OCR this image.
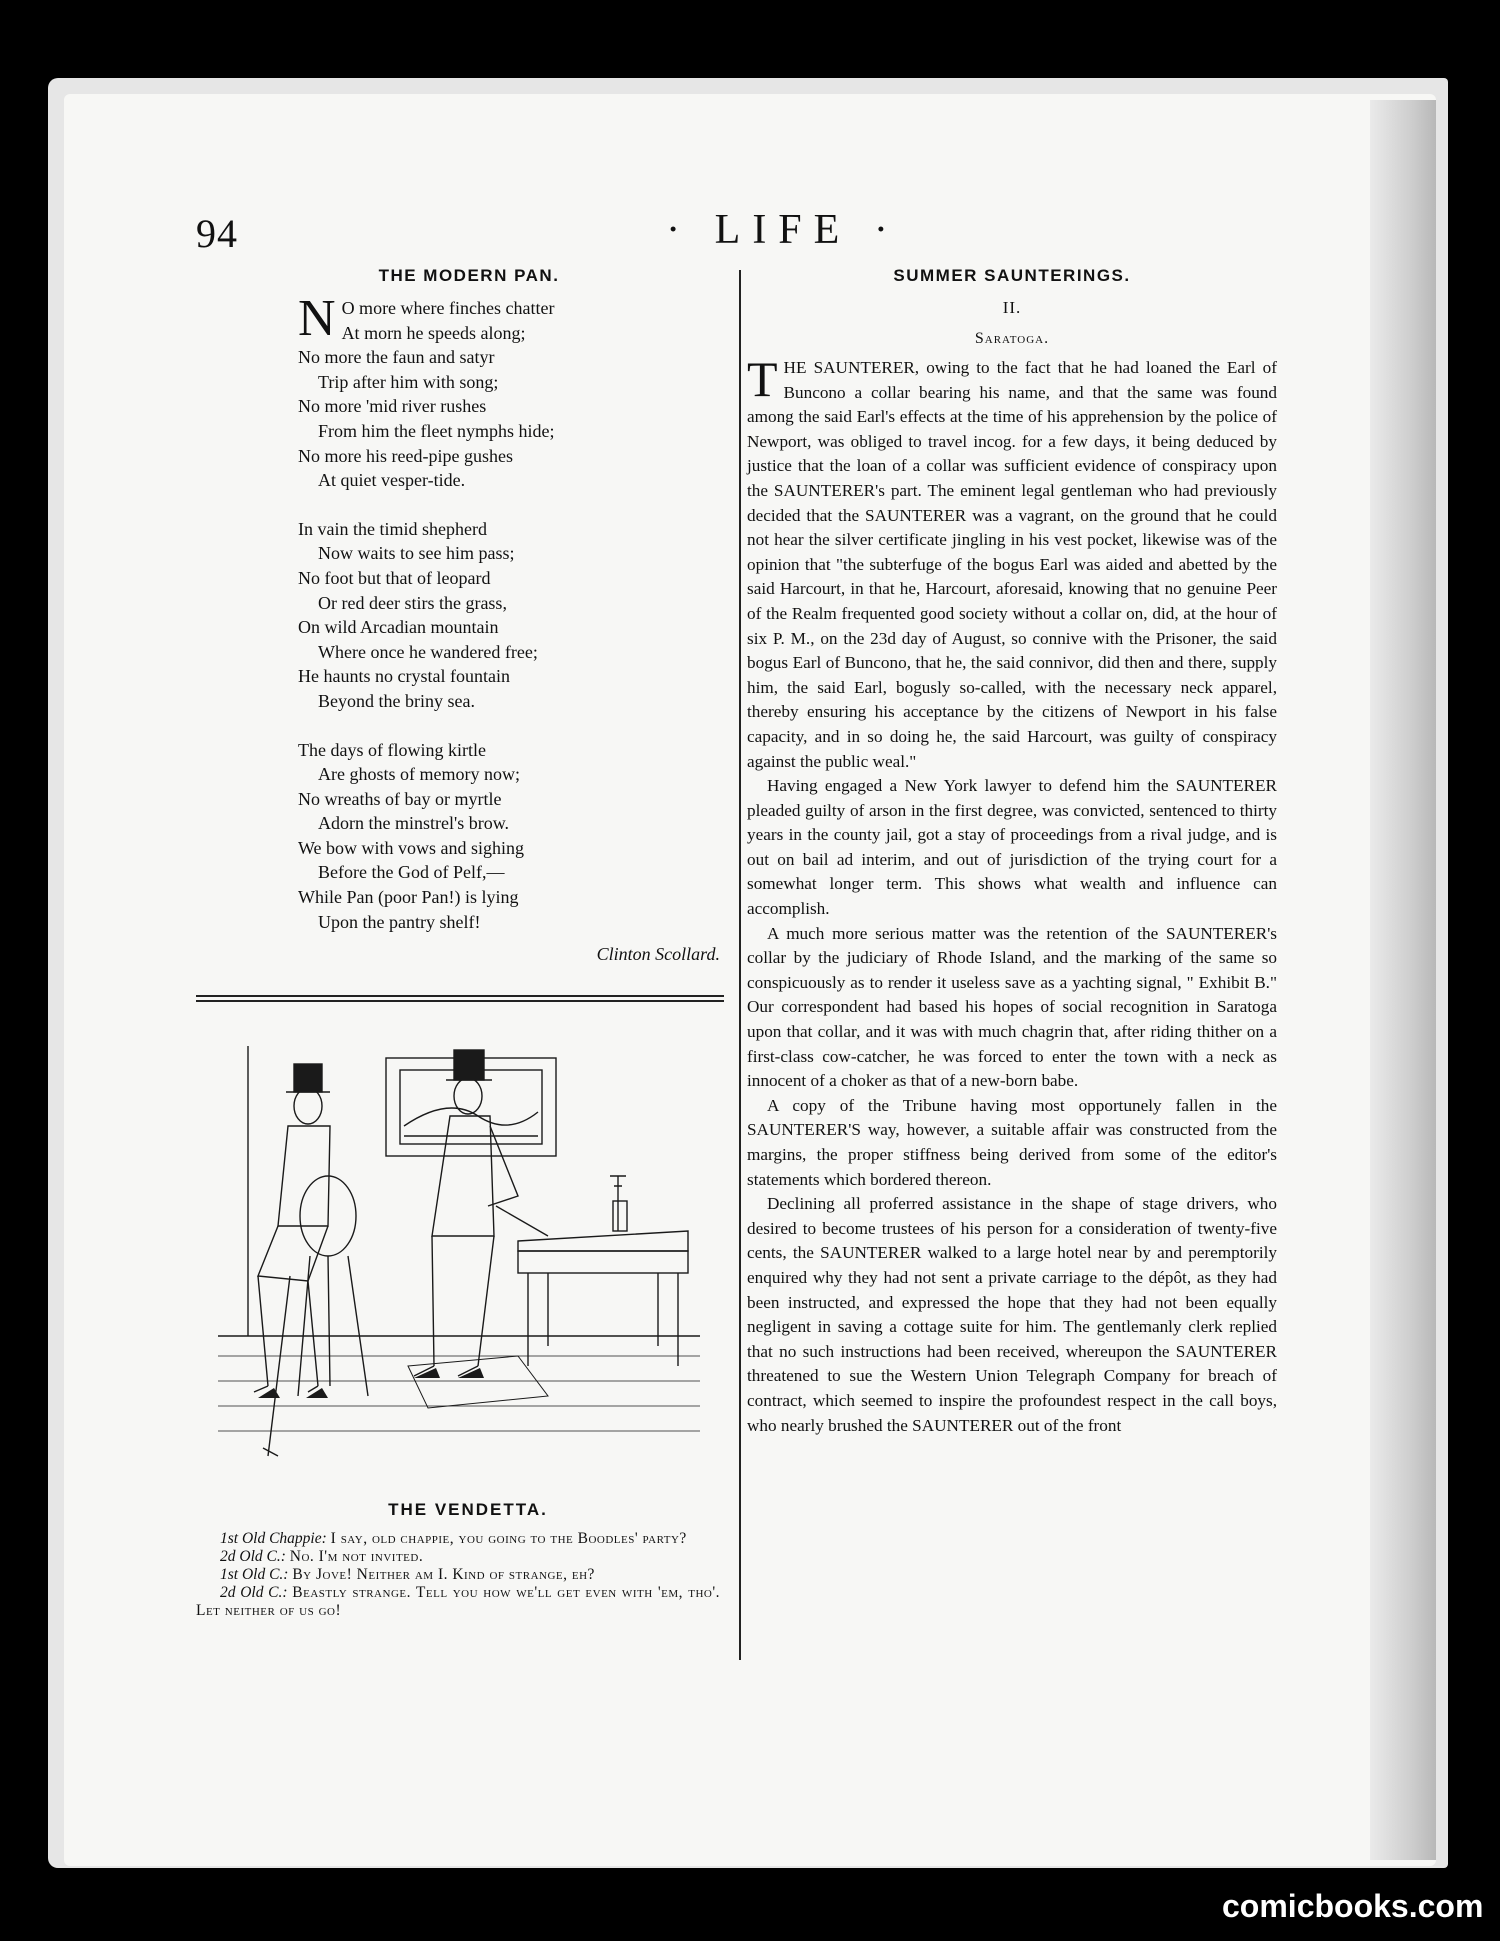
94	· LIFE ·
THE MODERN PAN.
N O more where finches chatter
At morn he speeds along;
No more the faun and satyr
Trip after him with song;
No more 'mid river rushes
From him the fleet nymphs hide;
No more his reed-pipe gushes
At quiet vesper-tide.
In vain the timid shepherd
Now waits to see him pass;
No foot but that of leopard
Or red deer stirs the grass,
On wild Arcadian mountain
Where once he wandered free;
He haunts no crystal fountain
Beyond the briny sea.
The days of flowing kirtle
Are ghosts of memory now;
No wreaths of bay or myrtle
Adorn the minstrel's brow.
We bow with vows and sighing
Before the God of Pelf,—
While Pan (poor Pan!) is lying
Upon the pantry shelf!
Clinton Scollard.
THE VENDETTA.

1st Old Chappie: I say, old chappie, you going to the Boodles' party?

2d Old C.: No. I'm not invited.

1st Old C.: By Jove! Neither am I. Kind of strange, eh?

2d Old C.: Beastly strange. Tell you how we'll get even with 'em, tho'. Let neither of us go!

SUMMER SAUNTERINGS.
II.
Saratoga.

THE SAUNTERER, owing to the fact that he had loaned the Earl of Buncono a collar bearing his name, and that the same was found among the said Earl's effects at the time of his apprehension by the police of Newport, was obliged to travel incog. for a few days, it being deduced by justice that the loan of a collar was sufficient evidence of conspiracy upon the SAUNTERER's part. The eminent legal gentleman who had previously decided that the SAUNTERER was a vagrant, on the ground that he could not hear the silver certificate jingling in his vest pocket, likewise was of the opinion that "the subterfuge of the bogus Earl was aided and abetted by the said Harcourt, in that he, Harcourt, aforesaid, knowing that no genuine Peer of the Realm frequented good society without a collar on, did, at the hour of six P. M., on the 23d day of August, so connive with the Prisoner, the said bogus Earl of Buncono, that he, the said connivor, did then and there, supply him, the said Earl, bogusly so-called, with the necessary neck apparel, thereby ensuring his acceptance by the citizens of Newport in his false capacity, and in so doing he, the said Harcourt, was guilty of conspiracy against the public weal."

Having engaged a New York lawyer to defend him the SAUNTERER pleaded guilty of arson in the first degree, was convicted, sentenced to thirty years in the county jail, got a stay of proceedings from a rival judge, and is out on bail ad interim, and out of jurisdiction of the trying court for a somewhat longer term. This shows what wealth and influence can accomplish.

A much more serious matter was the retention of the SAUNTERER's collar by the judiciary of Rhode Island, and the marking of the same so conspicuously as to render it useless save as a yachting signal, " Exhibit B." Our correspondent had based his hopes of social recognition in Saratoga upon that collar, and it was with much chagrin that, after riding thither on a first-class cow-catcher, he was forced to enter the town with a neck as innocent of a choker as that of a new-born babe.

A copy of the Tribune having most opportunely fallen in the SAUNTERER'S way, however, a suitable affair was constructed from the margins, the proper stiffness being derived from some of the editor's statements which bordered thereon.

Declining all proferred assistance in the shape of stage drivers, who desired to become trustees of his person for a consideration of twenty-five cents, the SAUNTERER walked to a large hotel near by and peremptorily enquired why they had not sent a private carriage to the dépôt, as they had been instructed, and expressed the hope that they had not been equally negligent in saving a cottage suite for him. The gentlemanly clerk replied that no such instructions had been received, whereupon the SAUNTERER threatened to sue the Western Union Telegraph Company for breach of contract, which seemed to inspire the profoundest respect in the call boys, who nearly brushed the SAUNTERER out of the front

comicbooks.com
